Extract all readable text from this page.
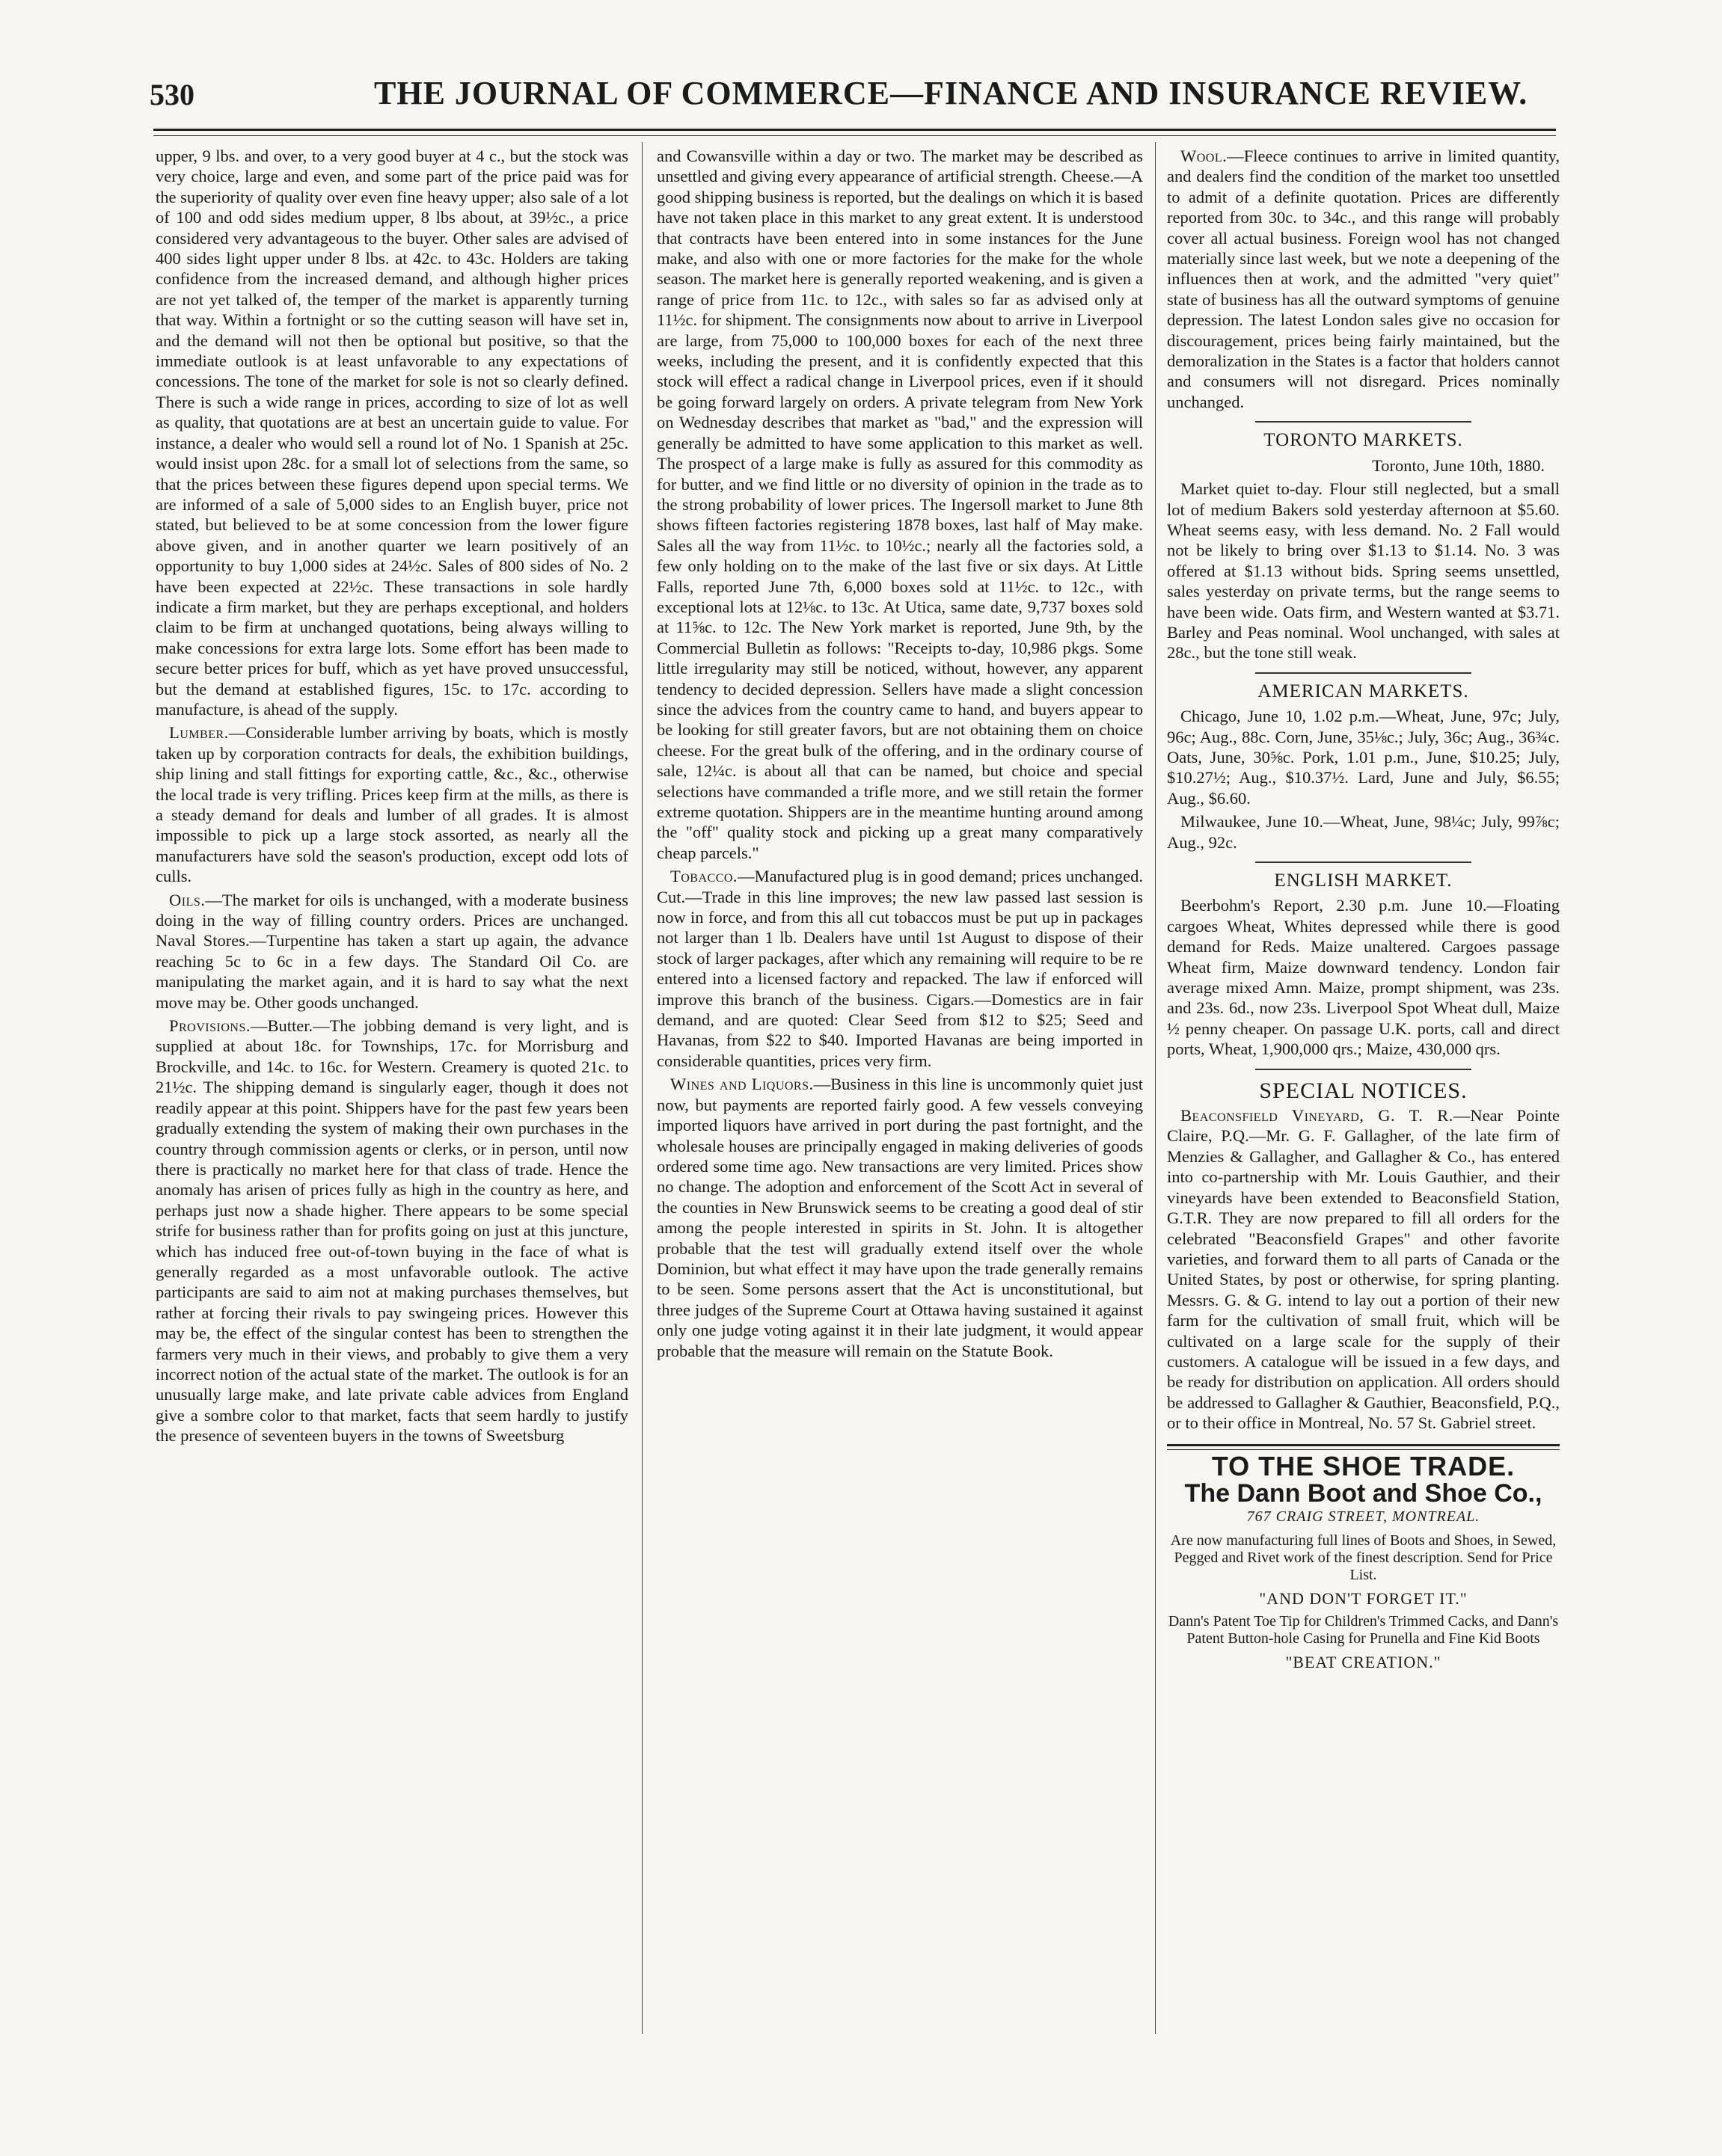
530	THE JOURNAL OF COMMERCE—FINANCE AND INSURANCE REVIEW.

upper, 9 lbs. and over, to a very good buyer at 4 c., but the stock was very choice, large and even, and some part of the price paid was for the superiority of quality over even fine heavy upper; also sale of a lot of 100 and odd sides medium upper, 8 lbs about, at 39½c., a price considered very advantageous to the buyer. Other sales are advised of 400 sides light upper under 8 lbs. at 42c. to 43c. Holders are taking confidence from the increased demand, and although higher prices are not yet talked of, the temper of the market is apparently turning that way. Within a fortnight or so the cutting season will have set in, and the demand will not then be optional but positive, so that the immediate outlook is at least unfavorable to any expectations of concessions. The tone of the market for sole is not so clearly defined. There is such a wide range in prices, according to size of lot as well as quality, that quotations are at best an uncertain guide to value. For instance, a dealer who would sell a round lot of No. 1 Spanish at 25c. would insist upon 28c. for a small lot of selections from the same, so that the prices between these figures depend upon special terms. We are informed of a sale of 5,000 sides to an English buyer, price not stated, but believed to be at some concession from the lower figure above given, and in another quarter we learn positively of an opportunity to buy 1,000 sides at 24½c. Sales of 800 sides of No. 2 have been expected at 22½c. These transactions in sole hardly indicate a firm market, but they are perhaps exceptional, and holders claim to be firm at unchanged quotations, being always willing to make concessions for extra large lots. Some effort has been made to secure better prices for buff, which as yet have proved unsuccessful, but the demand at established figures, 15c. to 17c. according to manufacture, is ahead of the supply.

Lumber.—Considerable lumber arriving by boats, which is mostly taken up by corporation contracts for deals, the exhibition buildings, ship lining and stall fittings for exporting cattle, &c., &c., otherwise the local trade is very trifling. Prices keep firm at the mills, as there is a steady demand for deals and lumber of all grades. It is almost impossible to pick up a large stock assorted, as nearly all the manufacturers have sold the season's production, except odd lots of culls.

Oils.—The market for oils is unchanged, with a moderate business doing in the way of filling country orders. Prices are unchanged. Naval Stores.—Turpentine has taken a start up again, the advance reaching 5c to 6c in a few days. The Standard Oil Co. are manipulating the market again, and it is hard to say what the next move may be. Other goods unchanged.

Provisions.—Butter.—The jobbing demand is very light, and is supplied at about 18c. for Townships, 17c. for Morrisburg and Brockville, and 14c. to 16c. for Western. Creamery is quoted 21c. to 21½c. The shipping demand is singularly eager, though it does not readily appear at this point. Shippers have for the past few years been gradually extending the system of making their own purchases in the country through commission agents or clerks, or in person, until now there is practically no market here for that class of trade. Hence the anomaly has arisen of prices fully as high in the country as here, and perhaps just now a shade higher. There appears to be some special strife for business rather than for profits going on just at this juncture, which has induced free out-of-town buying in the face of what is generally regarded as a most unfavorable outlook. The active participants are said to aim not at making purchases themselves, but rather at forcing their rivals to pay swingeing prices. However this may be, the effect of the singular contest has been to strengthen the farmers very much in their views, and probably to give them a very incorrect notion of the actual state of the market. The outlook is for an unusually large make, and late private cable advices from England give a sombre color to that market, facts that seem hardly to justify the presence of seventeen buyers in the towns of Sweetsburg

and Cowansville within a day or two. The market may be described as unsettled and giving every appearance of artificial strength. Cheese.—A good shipping business is reported, but the dealings on which it is based have not taken place in this market to any great extent. It is understood that contracts have been entered into in some instances for the June make, and also with one or more factories for the make for the whole season. The market here is generally reported weakening, and is given a range of price from 11c. to 12c., with sales so far as advised only at 11½c. for shipment. The consignments now about to arrive in Liverpool are large, from 75,000 to 100,000 boxes for each of the next three weeks, including the present, and it is confidently expected that this stock will effect a radical change in Liverpool prices, even if it should be going forward largely on orders. A private telegram from New York on Wednesday describes that market as "bad," and the expression will generally be admitted to have some application to this market as well. The prospect of a large make is fully as assured for this commodity as for butter, and we find little or no diversity of opinion in the trade as to the strong probability of lower prices. The Ingersoll market to June 8th shows fifteen factories registering 1878 boxes, last half of May make. Sales all the way from 11½c. to 10½c.; nearly all the factories sold, a few only holding on to the make of the last five or six days. At Little Falls, reported June 7th, 6,000 boxes sold at 11½c. to 12c., with exceptional lots at 12⅛c. to 13c. At Utica, same date, 9,737 boxes sold at 11⅝c. to 12c. The New York market is reported, June 9th, by the Commercial Bulletin as follows: "Receipts to-day, 10,986 pkgs. Some little irregularity may still be noticed, without, however, any apparent tendency to decided depression. Sellers have made a slight concession since the advices from the country came to hand, and buyers appear to be looking for still greater favors, but are not obtaining them on choice cheese. For the great bulk of the offering, and in the ordinary course of sale, 12¼c. is about all that can be named, but choice and special selections have commanded a trifle more, and we still retain the former extreme quotation. Shippers are in the meantime hunting around among the "off" quality stock and picking up a great many comparatively cheap parcels."

Tobacco.—Manufactured plug is in good demand; prices unchanged. Cut.—Trade in this line improves; the new law passed last session is now in force, and from this all cut tobaccos must be put up in packages not larger than 1 lb. Dealers have until 1st August to dispose of their stock of larger packages, after which any remaining will require to be re entered into a licensed factory and repacked. The law if enforced will improve this branch of the business. Cigars.—Domestics are in fair demand, and are quoted: Clear Seed from $12 to $25; Seed and Havanas, from $22 to $40. Imported Havanas are being imported in considerable quantities, prices very firm.

Wines and Liquors.—Business in this line is uncommonly quiet just now, but payments are reported fairly good. A few vessels conveying imported liquors have arrived in port during the past fortnight, and the wholesale houses are principally engaged in making deliveries of goods ordered some time ago. New transactions are very limited. Prices show no change. The adoption and enforcement of the Scott Act in several of the counties in New Brunswick seems to be creating a good deal of stir among the people interested in spirits in St. John. It is altogether probable that the test will gradually extend itself over the whole Dominion, but what effect it may have upon the trade generally remains to be seen. Some persons assert that the Act is unconstitutional, but three judges of the Supreme Court at Ottawa having sustained it against only one judge voting against it in their late judgment, it would appear probable that the measure will remain on the Statute Book.

Wool.—Fleece continues to arrive in limited quantity, and dealers find the condition of the market too unsettled to admit of a definite quotation. Prices are differently reported from 30c. to 34c., and this range will probably cover all actual business. Foreign wool has not changed materially since last week, but we note a deepening of the influences then at work, and the admitted "very quiet" state of business has all the outward symptoms of genuine depression. The latest London sales give no occasion for discouragement, prices being fairly maintained, but the demoralization in the States is a factor that holders cannot and consumers will not disregard. Prices nominally unchanged.

TORONTO MARKETS.
Toronto, June 10th, 1880.

Market quiet to-day. Flour still neglected, but a small lot of medium Bakers sold yesterday afternoon at $5.60. Wheat seems easy, with less demand. No. 2 Fall would not be likely to bring over $1.13 to $1.14. No. 3 was offered at $1.13 without bids. Spring seems unsettled, sales yesterday on private terms, but the range seems to have been wide. Oats firm, and Western wanted at $3.71. Barley and Peas nominal. Wool unchanged, with sales at 28c., but the tone still weak.

AMERICAN MARKETS.

Chicago, June 10, 1.02 p.m.—Wheat, June, 97c; July, 96c; Aug., 88c. Corn, June, 35⅛c.; July, 36c; Aug., 36¾c. Oats, June, 30⅝c. Pork, 1.01 p.m., June, $10.25; July, $10.27½; Aug., $10.37½. Lard, June and July, $6.55; Aug., $6.60.

Milwaukee, June 10.—Wheat, June, 98¼c; July, 99⅞c; Aug., 92c.

ENGLISH MARKET.

Beerbohm's Report, 2.30 p.m. June 10.—Floating cargoes Wheat, Whites depressed while there is good demand for Reds. Maize unaltered. Cargoes passage Wheat firm, Maize downward tendency. London fair average mixed Amn. Maize, prompt shipment, was 23s. and 23s. 6d., now 23s. Liverpool Spot Wheat dull, Maize ½ penny cheaper. On passage U.K. ports, call and direct ports, Wheat, 1,900,000 qrs.; Maize, 430,000 qrs.

SPECIAL NOTICES.

Beaconsfield Vineyard, G. T. R.—Near Pointe Claire, P.Q.—Mr. G. F. Gallagher, of the late firm of Menzies & Gallagher, and Gallagher & Co., has entered into co-partnership with Mr. Louis Gauthier, and their vineyards have been extended to Beaconsfield Station, G.T.R. They are now prepared to fill all orders for the celebrated "Beaconsfield Grapes" and other favorite varieties, and forward them to all parts of Canada or the United States, by post or otherwise, for spring planting. Messrs. G. & G. intend to lay out a portion of their new farm for the cultivation of small fruit, which will be cultivated on a large scale for the supply of their customers. A catalogue will be issued in a few days, and be ready for distribution on application. All orders should be addressed to Gallagher & Gauthier, Beaconsfield, P.Q., or to their office in Montreal, No. 57 St. Gabriel street.

TO THE SHOE TRADE.
The Dann Boot and Shoe Co.,
767 CRAIG STREET, MONTREAL.
Are now manufacturing full lines of Boots and Shoes, in Sewed, Pegged and Rivet work of the finest description. Send for Price List.
"AND DON'T FORGET IT."
Dann's Patent Toe Tip for Children's Trimmed Cacks, and Dann's Patent Button-hole Casing for Prunella and Fine Kid Boots
"BEAT CREATION."
